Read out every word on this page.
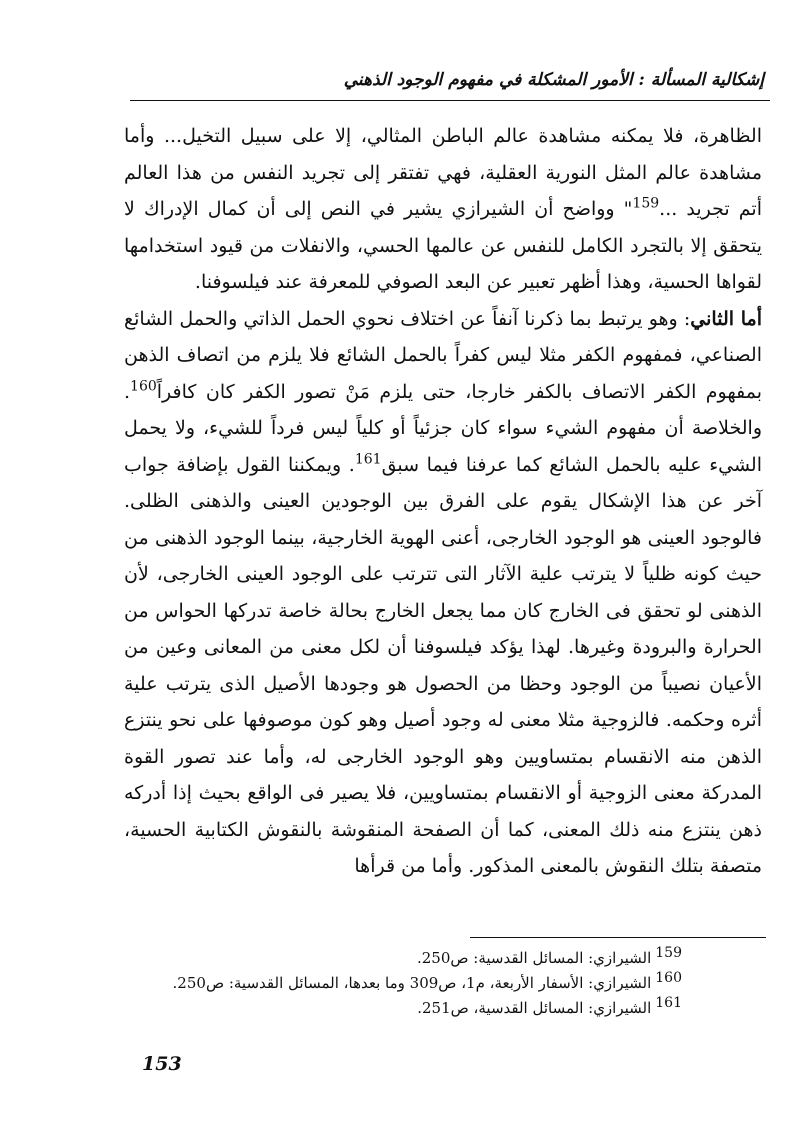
إشكالية المسألة : الأمور المشكلة في مفهوم الوجود الذهني

الظاهرة، فلا يمكنه مشاهدة عالم الباطن المثالي، إلا على سبيل التخيل... وأما مشاهدة عالم المثل النورية العقلية، فهي تفتقر إلى تجريد النفس من هذا العالم أتم تجريد ...$^{159}$" وواضح أن الشيرازي يشير في النص إلى أن كمال الإدراك لا يتحقق إلا بالتجرد الكامل للنفس عن عالمها الحسي، والانفلات من قيود استخدامها لقواها الحسية، وهذا أظهر تعبير عن البعد الصوفي للمعرفة عند فيلسوفنا.

أما الثاني: وهو يرتبط بما ذكرنا آنفاً عن اختلاف نحوي الحمل الذاتي والحمل الشائع الصناعي، فمفهوم الكفر مثلا ليس كفراً بالحمل الشائع فلا يلزم من اتصاف الذهن بمفهوم الكفر الاتصاف بالكفر خارجا، حتى يلزم مَنْ تصور الكفر كان كافراً$^{160}$. والخلاصة أن مفهوم الشيء سواء كان جزئياً أو كلياً ليس فرداً للشيء، ولا يحمل الشيء عليه بالحمل الشائع كما عرفنا فيما سبق$^{161}$. ويمكننا القول بإضافة جواب آخر عن هذا الإشكال يقوم على الفرق بين الوجودين العينى والذهنى الظلى. فالوجود العينى هو الوجود الخارجى، أعنى الهوية الخارجية، بينما الوجود الذهنى من حيث كونه ظلياً لا يترتب علية الآثار التى تترتب على الوجود العينى الخارجى، لأن الذهنى لو تحقق فى الخارج كان مما يجعل الخارج بحالة خاصة تدركها الحواس من الحرارة والبرودة وغيرها. لهذا يؤكد فيلسوفنا أن لكل معنى من المعانى وعين من الأعيان نصيباً من الوجود وحظا من الحصول هو وجودها الأصيل الذى يترتب علية أثره وحكمه. فالزوجية مثلا معنى له وجود أصيل وهو كون موصوفها على نحو ينتزع الذهن منه الانقسام بمتساويين وهو الوجود الخارجى له، وأما عند تصور القوة المدركة معنى الزوجية أو الانقسام بمتساويين، فلا يصير فى الواقع بحيث إذا أدركه ذهن ينتزع منه ذلك المعنى، كما أن الصفحة المنقوشة بالنقوش الكتابية الحسية، متصفة بتلك النقوش بالمعنى المذكور. وأما من قرأها

159الشيرازي: المسائل القدسية: ص250.
160الشيرازي: الأسفار الأربعة، م1، ص309 وما بعدها، المسائل القدسية: ص250.
161الشيرازي: المسائل القدسية، ص251.
153
